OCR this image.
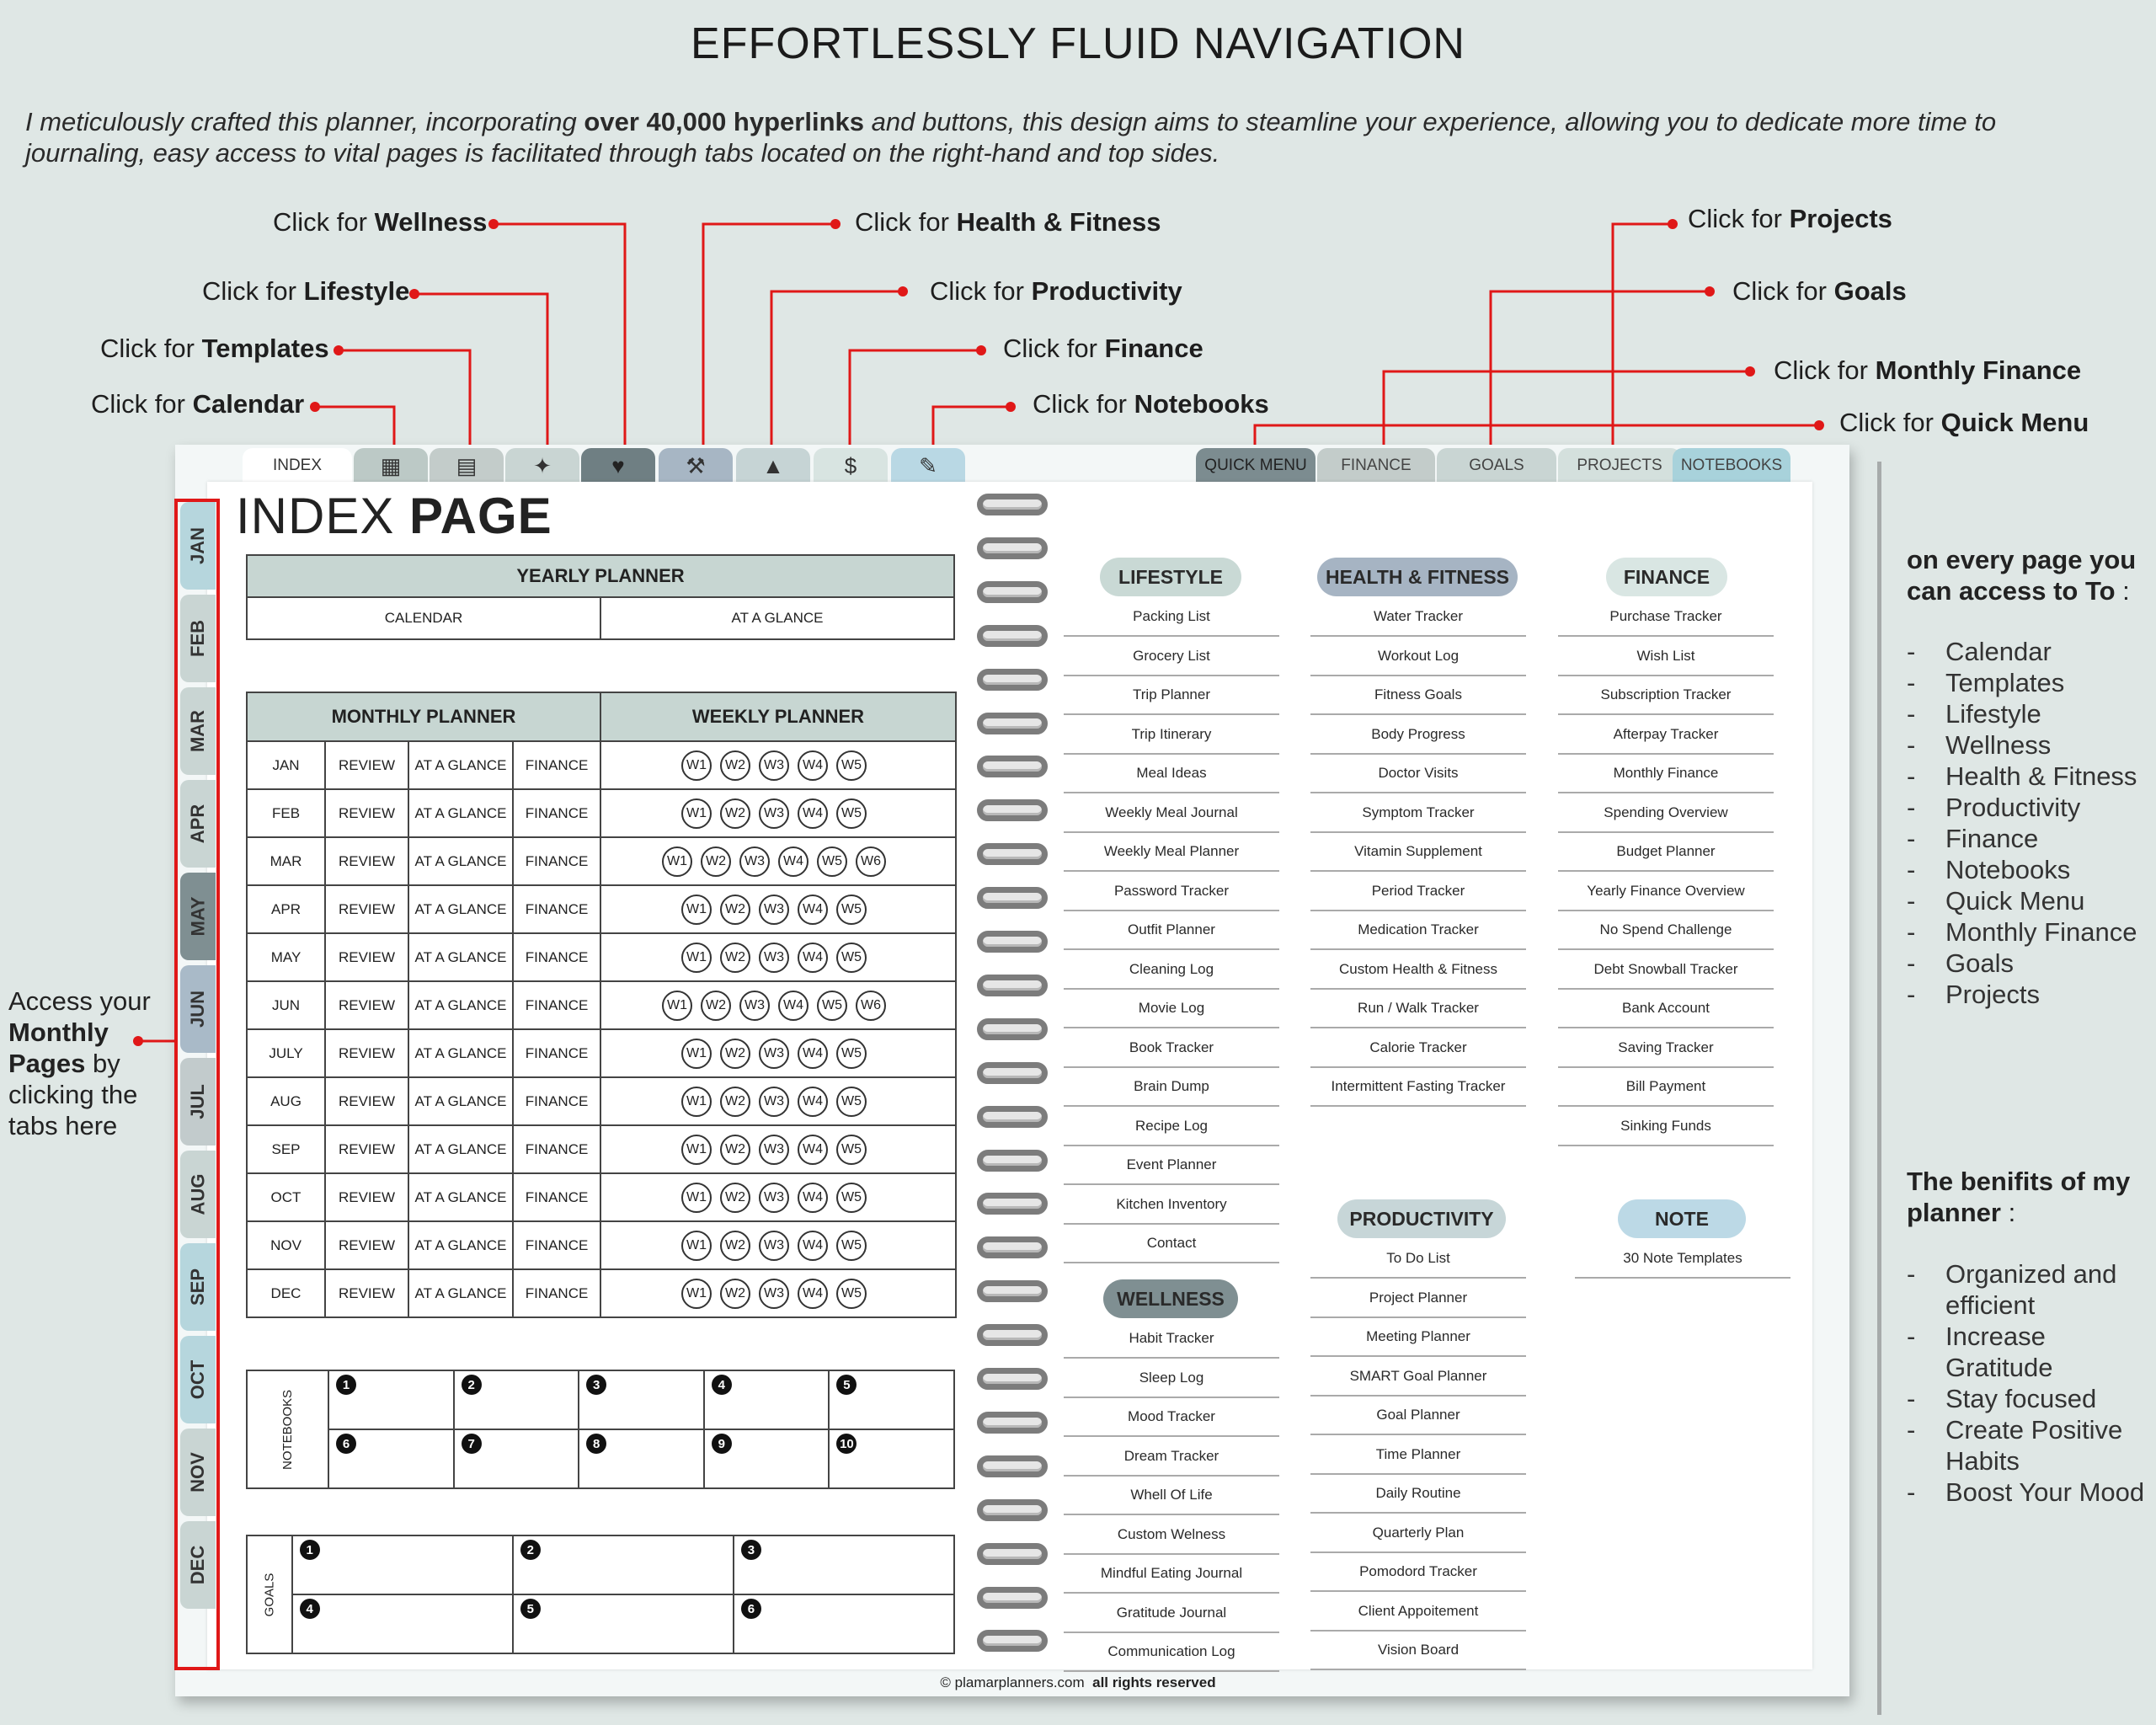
EFFORTLESSLY FLUID NAVIGATION
I meticulously crafted this planner, incorporating over 40,000 hyperlinks and buttons, this design aims to steamline your experience, allowing you to dedicate more time to journaling, easy access to vital pages is facilitated through tabs located on the right-hand and top sides.
Click for Wellness
Click for Lifestyle
Click for Templates
Click for Calendar
Click for Health & Fitness
Click for Productivity
Click for Finance
Click for Notebooks
Click for Projects
Click for Goals
Click for Monthly Finance
Click for Quick Menu
Access your
Monthly
Pages by
clicking the
tabs here
INDEX	▦	▤	✦	♥	⚒	▲	$	✎	QUICK MENU	FINANCE	GOALS	PROJECTS	NOTEBOOKS
JAN
FEB
MAR
APR
MAY
JUN
JUL
AUG
SEP
OCT
NOV
DEC
INDEX PAGE
YEARLY PLANNER
CALENDAR	AT A GLANCE
MONTHLY PLANNER				WEEKLY PLANNER
JAN	REVIEW	AT A GLANCE	FINANCE	W1 W2 W3 W4 W5
FEB	REVIEW	AT A GLANCE	FINANCE	W1 W2 W3 W4 W5
MAR	REVIEW	AT A GLANCE	FINANCE	W1 W2 W3 W4 W5 W6
APR	REVIEW	AT A GLANCE	FINANCE	W1 W2 W3 W4 W5
MAY	REVIEW	AT A GLANCE	FINANCE	W1 W2 W3 W4 W5
JUN	REVIEW	AT A GLANCE	FINANCE	W1 W2 W3 W4 W5 W6
JULY	REVIEW	AT A GLANCE	FINANCE	W1 W2 W3 W4 W5
AUG	REVIEW	AT A GLANCE	FINANCE	W1 W2 W3 W4 W5
SEP	REVIEW	AT A GLANCE	FINANCE	W1 W2 W3 W4 W5
OCT	REVIEW	AT A GLANCE	FINANCE	W1 W2 W3 W4 W5
NOV	REVIEW	AT A GLANCE	FINANCE	W1 W2 W3 W4 W5
DEC	REVIEW	AT A GLANCE	FINANCE	W1 W2 W3 W4 W5
NOTEBOOKS	1	2	3	4	5
	6	7	8	9	10
GOALS	1	2	3
	4	5	6
LIFESTYLE
Packing List
Grocery List
Trip Planner
Trip Itinerary
Meal Ideas
Weekly Meal Journal
Weekly Meal Planner
Password Tracker
Outfit Planner
Cleaning Log
Movie Log
Book Tracker
Brain Dump
Recipe Log
Event Planner
Kitchen Inventory
Contact
WELLNESS
Habit Tracker
Sleep Log
Mood Tracker
Dream Tracker
Whell Of Life
Custom Welness
Mindful Eating Journal
Gratitude Journal
Communication Log
HEALTH & FITNESS
Water Tracker
Workout Log
Fitness Goals
Body Progress
Doctor Visits
Symptom Tracker
Vitamin Supplement
Period Tracker
Medication Tracker
Custom Health & Fitness
Run / Walk Tracker
Calorie Tracker
Intermittent Fasting Tracker
PRODUCTIVITY
To Do List
Project Planner
Meeting Planner
SMART Goal Planner
Goal Planner
Time Planner
Daily Routine
Quarterly Plan
Pomodord Tracker
Client Appoitement
Vision Board
FINANCE
Purchase Tracker
Wish List
Subscription Tracker
Afterpay Tracker
Monthly Finance
Spending Overview
Budget Planner
Yearly Finance Overview
No Spend Challenge
Debt Snowball Tracker
Bank Account
Saving Tracker
Bill Payment
Sinking Funds
NOTE
30 Note Templates
on every page you can access to To :
- Calendar
- Templates
- Lifestyle
- Wellness
- Health & Fitness
- Productivity
- Finance
- Notebooks
- Quick Menu
- Monthly Finance
- Goals
- Projects
The benifits of my planner :
- Organized and efficient
- Increase Gratitude
- Stay focused
- Create Positive Habits
- Boost Your Mood
© plamarplanners.com all rights reserved
